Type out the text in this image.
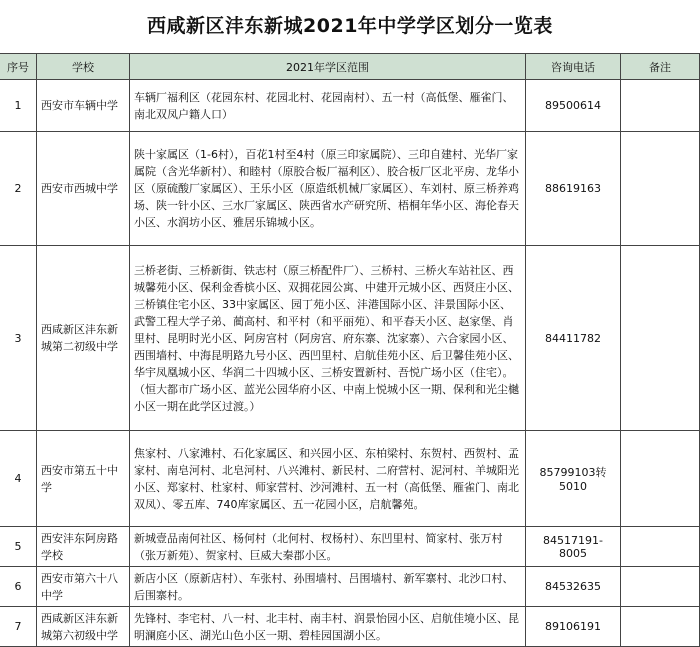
西咸新区沣东新城2021年中学学区划分一览表
序号	学校	2021年学区范围	咨询电话	备注
1	西安市车辆中学	车辆厂福利区（花园东村、花园北村、花园南村）、五一村（高低堡、雁雀门、南北双凤户籍人口）	89500614	
2	西安市西城中学	陕十家属区（1-6村），百花1村至4村（原三印家属院）、三印自建村、光华厂家属院（含光华新村）、和睦村（原胶合板厂福利区）、胶合板厂区北平房、龙华小区（原硫酸厂家属区）、王乐小区（原造纸机械厂家属区）、车刘村、原三桥养鸡场、陕一针小区、三水厂家属区、陕西省水产研究所、梧桐年华小区、海伦春天小区、水润坊小区、雅居乐锦城小区。	88619163	
3	西咸新区沣东新城第二初级中学	三桥老街、三桥新街、铁志村（原三桥配件厂）、三桥村、三桥火车站社区、西城馨苑小区、保利金香槟小区、双拥花园公寓、中建开元城小区、西贤庄小区、三桥镇住宅小区、33中家属区、园丁苑小区、沣港国际小区、沣景国际小区、武警工程大学子弟、蔺高村、和平村（和平丽苑）、和平春天小区、赵家堡、肖里村、昆明时光小区、阿房宫村（阿房宫、府东寨、沈家寨）、六合家园小区、西围墙村、中海昆明路九号小区、西凹里村、启航佳苑小区、后卫馨佳苑小区、华宇凤凰城小区、华润二十四城小区、三桥安置新村、吾悦广场小区（住宅）。（恒大都市广场小区、蓝光公园华府小区、中南上悦城小区一期、保利和光尘樾小区一期在此学区过渡。）	84411782	
4	西安市第五十中学	焦家村、八家滩村、石化家属区、和兴园小区、东柏梁村、东贺村、西贺村、孟家村、南皂河村、北皂河村、八兴滩村、新民村、二府营村、泥河村、羊城阳光小区、郑家村、杜家村、师家营村、沙河滩村、五一村（高低堡、雁雀门、南北双凤）、零五库、740库家属区、五一花园小区，启航馨苑。	85799103转5010	
5	西安沣东阿房路学校	新城壹品南何社区、杨何村（北何村、杈杨村）、东凹里村、简家村、张万村（张万新苑）、贺家村、巨威大秦郡小区。	84517191-8005	
6	西安市第六十八中学	新店小区（原新店村）、车张村、孙围墙村、吕围墙村、新军寨村、北沙口村、后围寨村。	84532635	
7	西咸新区沣东新城第六初级中学	先锋村、李宅村、八一村、北丰村、南丰村、润景怡园小区、启航佳境小区、昆明澜庭小区、湖光山色小区一期、碧桂园国湖小区。	89106191	
